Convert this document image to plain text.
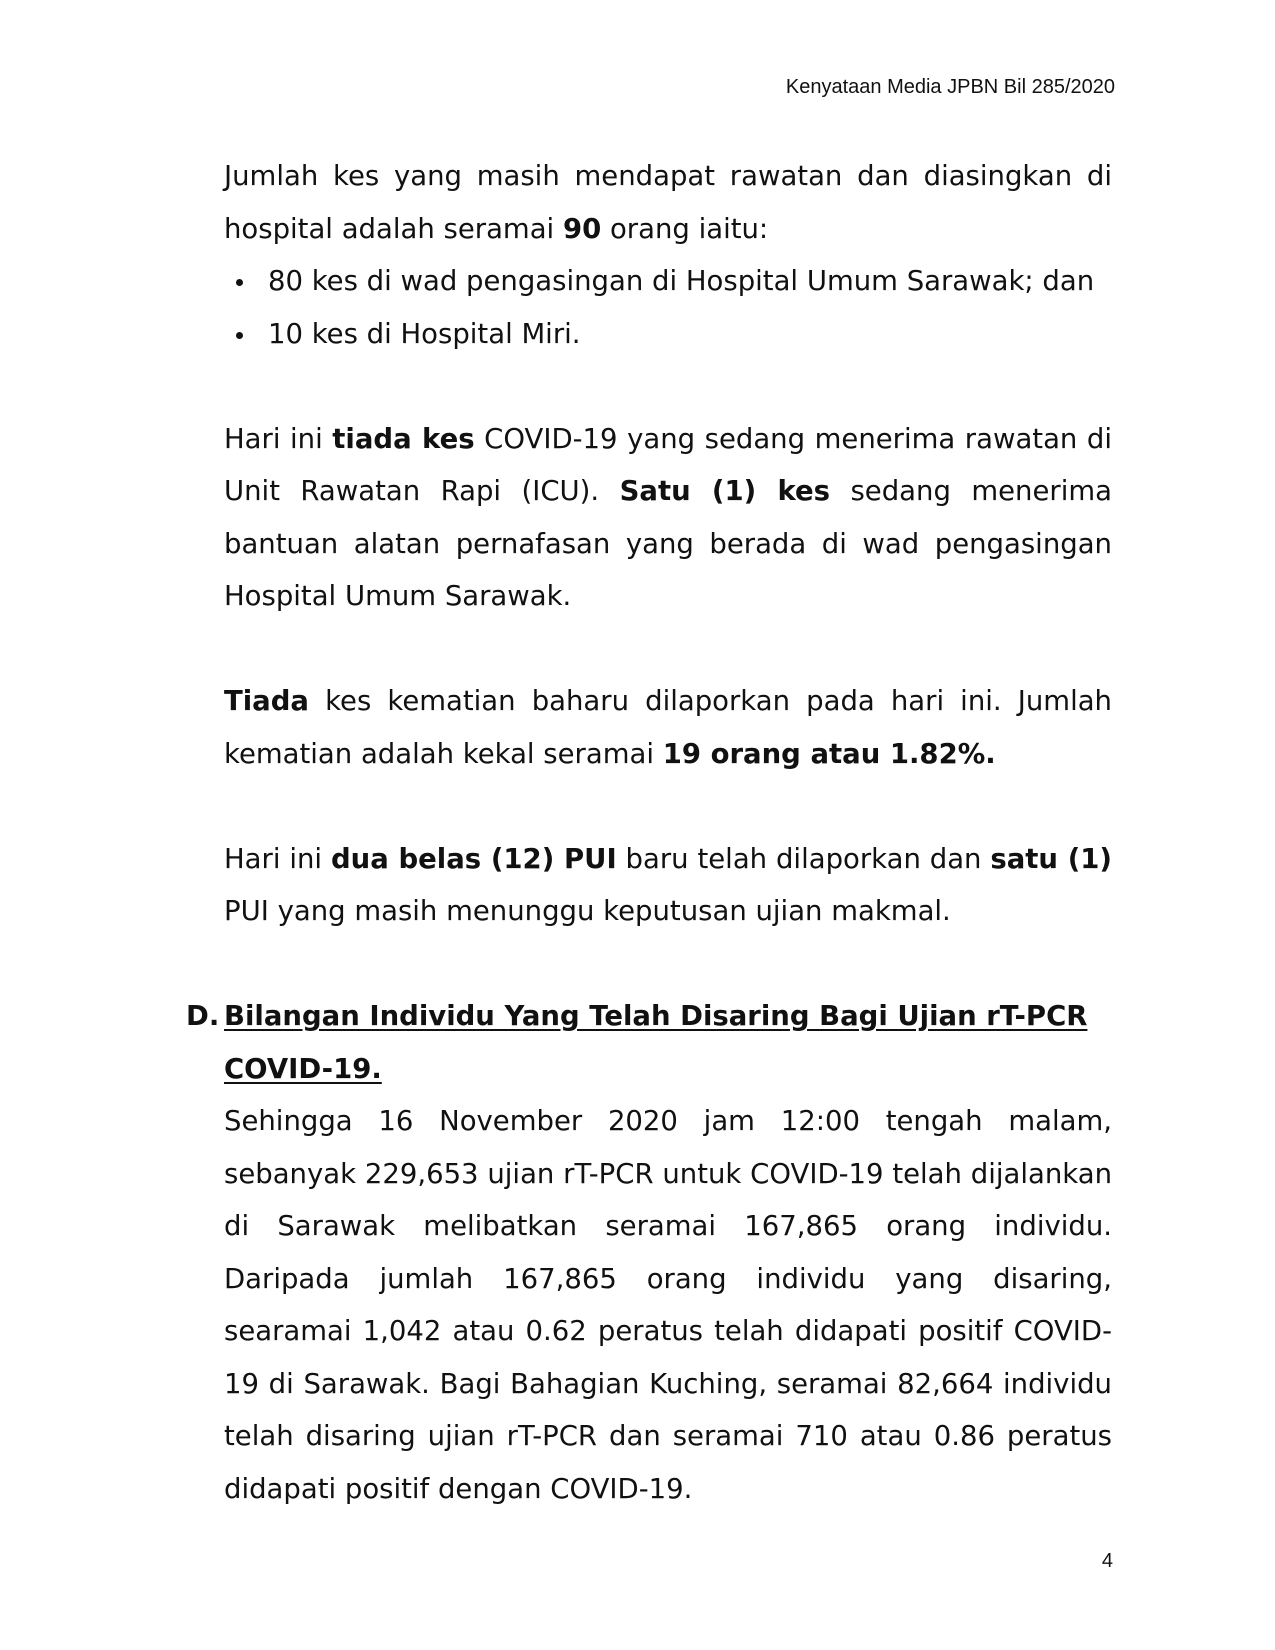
Kenyataan Media JPBN Bil 285/2020

Jumlah kes yang masih mendapat rawatan dan diasingkan di hospital adalah seramai 90 orang iaitu:

80 kes di wad pengasingan di Hospital Umum Sarawak; dan
10 kes di Hospital Miri.

Hari ini tiada kes COVID-19 yang sedang menerima rawatan di Unit Rawatan Rapi (ICU). Satu (1) kes sedang menerima bantuan alatan pernafasan yang berada di wad pengasingan Hospital Umum Sarawak.

Tiada kes kematian baharu dilaporkan pada hari ini. Jumlah kematian adalah kekal seramai 19 orang atau 1.82%.

Hari ini dua belas (12) PUI baru telah dilaporkan dan satu (1) PUI yang masih menunggu keputusan ujian makmal.

D. Bilangan Individu Yang Telah Disaring Bagi Ujian rT-PCR COVID-19.

Sehingga 16 November 2020 jam 12:00 tengah malam, sebanyak 229,653 ujian rT-PCR untuk COVID-19 telah dijalankan di Sarawak melibatkan seramai 167,865 orang individu. Daripada jumlah 167,865 orang individu yang disaring, searamai 1,042 atau 0.62 peratus telah didapati positif COVID-19 di Sarawak. Bagi Bahagian Kuching, seramai 82,664 individu telah disaring ujian rT-PCR dan seramai 710 atau 0.86 peratus didapati positif dengan COVID-19.

4
